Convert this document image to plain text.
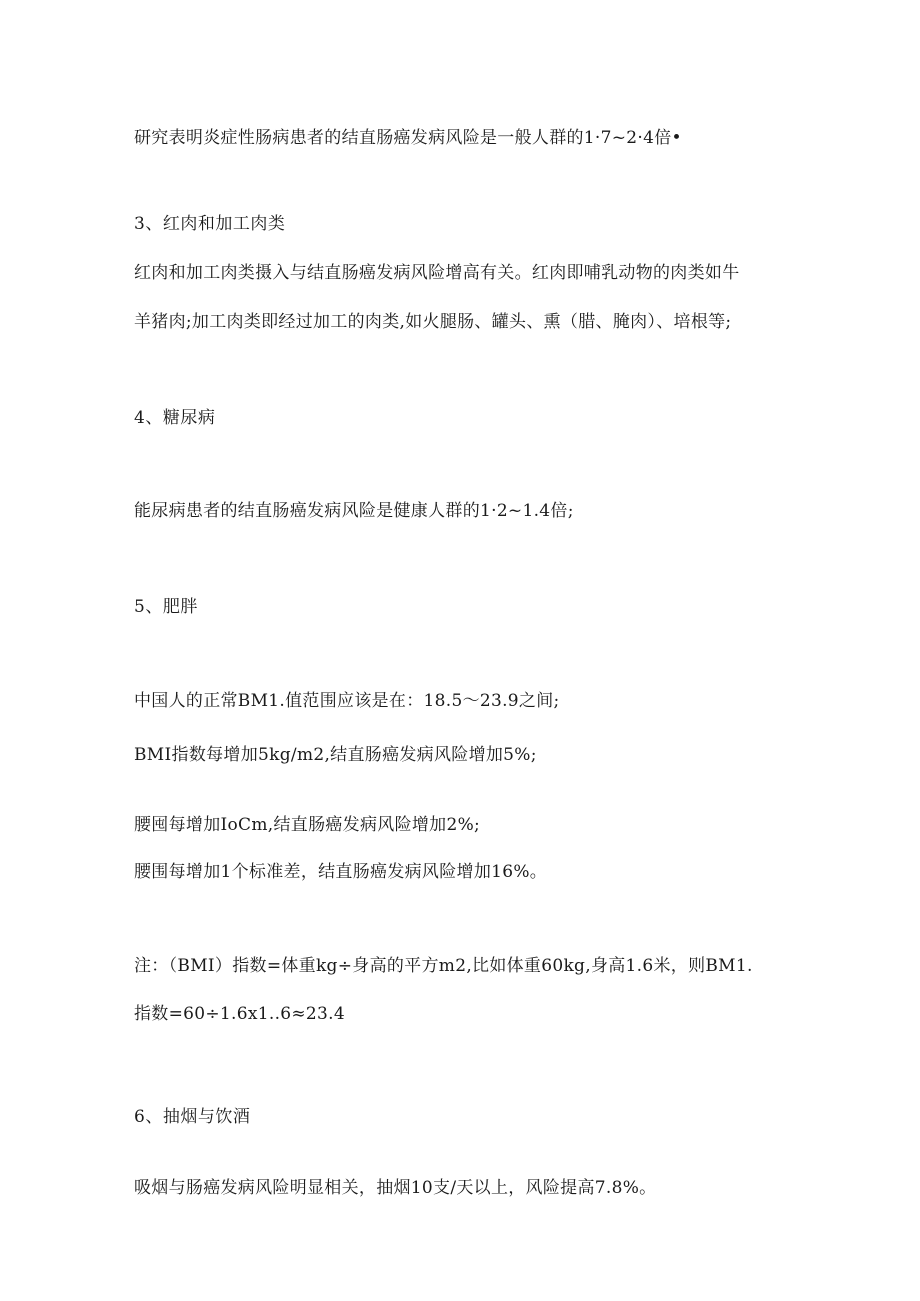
研究表明炎症性肠病患者的结直肠癌发病风险是一般人群的1·7~2·4倍•
3、红肉和加工肉类
红肉和加工肉类摄入与结直肠癌发病风险增高有关。红肉即哺乳动物的肉类如牛
羊猪肉;加工肉类即经过加工的肉类,如火腿肠、罐头、熏（腊、腌肉）、培根等;
4、糖尿病
能尿病患者的结直肠癌发病风险是健康人群的1·2~1.4倍;
5、肥胖
中国人的正常BM1.值范围应该是在：18.5～23.9之间;
BMI指数每增加5kg∕m2,结直肠癌发病风险增加5%;
腰囤每增加IoCm,结直肠癌发病风险增加2%;
腰围每增加1个标准差，结直肠癌发病风险增加16%。
注：（BMI）指数=体重kg÷身高的平方m2,比如体重60kg,身高1.6米，则BM1.
指数=60÷1.6x1..6≈23.4
6、抽烟与饮酒
吸烟与肠癌发病风险明显相关，抽烟10支/天以上，风险提高7.8%。
